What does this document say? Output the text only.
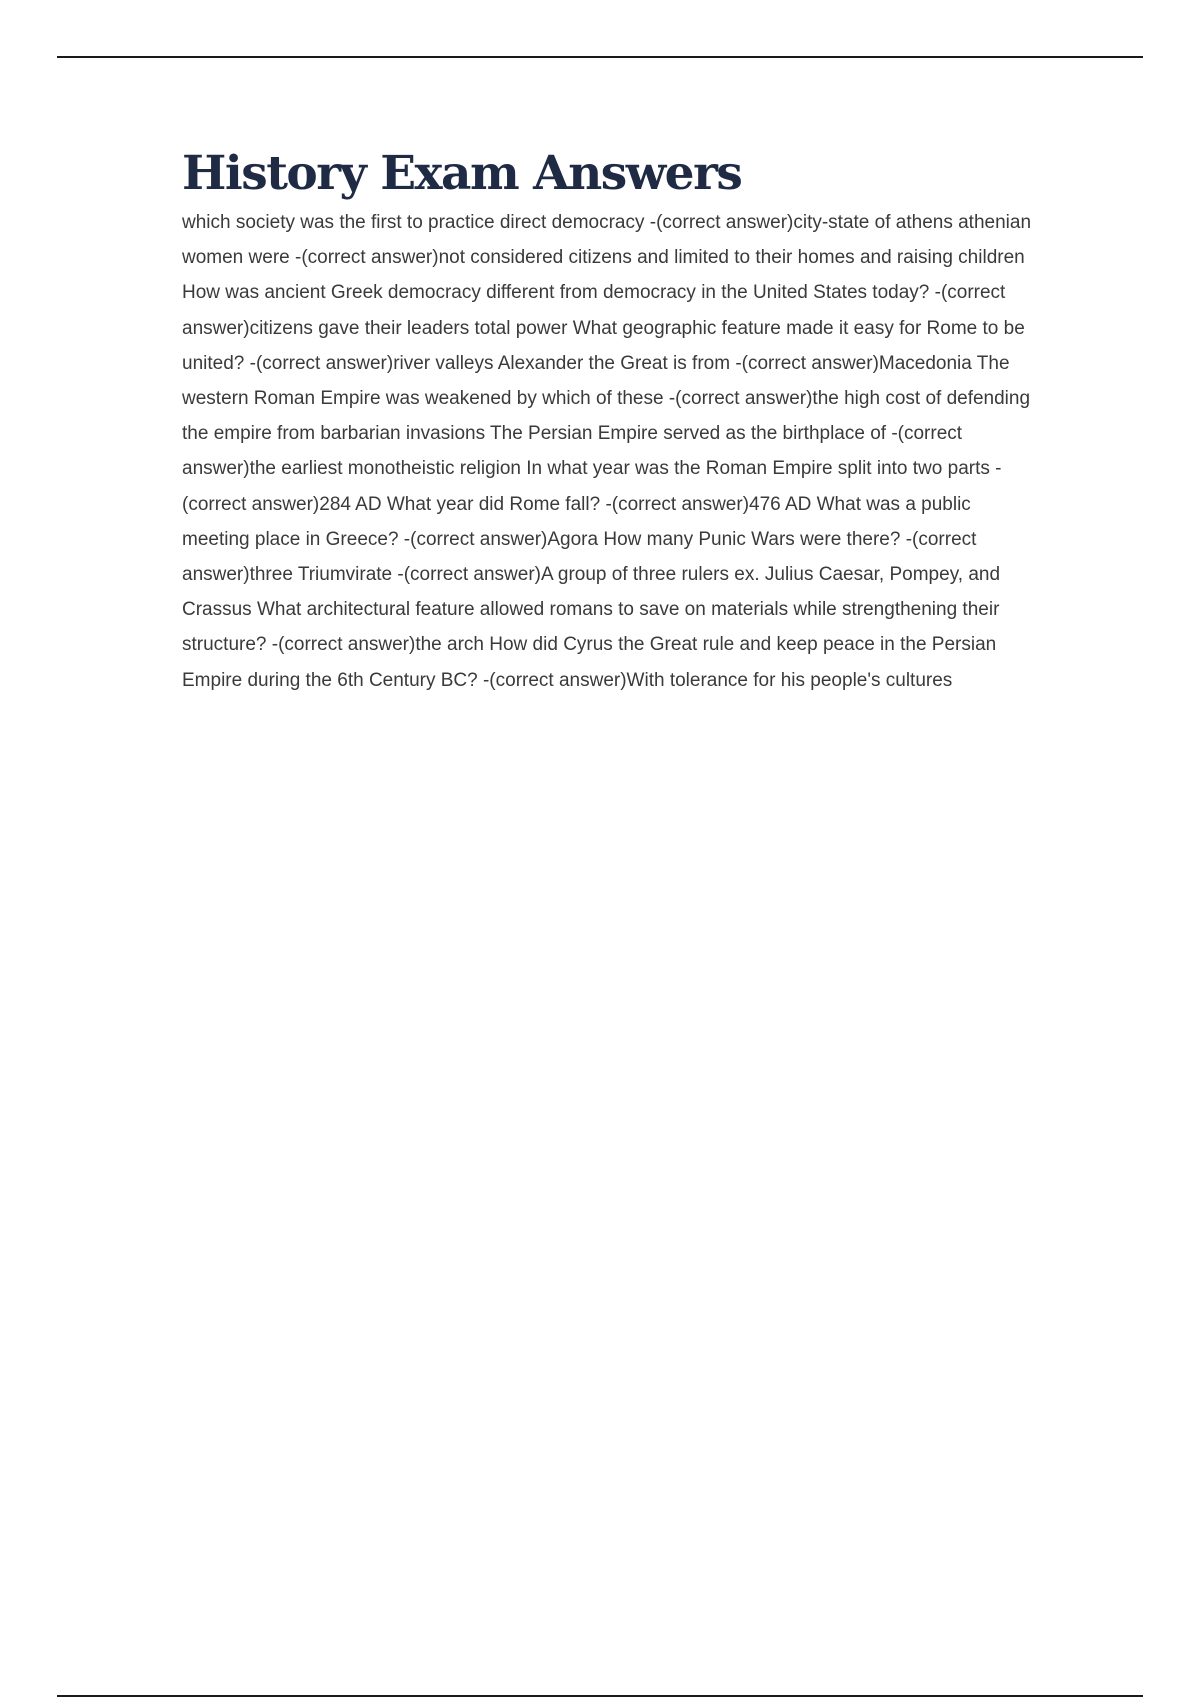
History Exam Answers

which society was the first to practice direct democracy -(correct answer)city-state of athens athenian women were -(correct answer)not considered citizens and limited to their homes and raising children How was ancient Greek democracy different from democracy in the United States today? -(correct answer)citizens gave their leaders total power What geographic feature made it easy for Rome to be united? -(correct answer)river valleys Alexander the Great is from -(correct answer)Macedonia The western Roman Empire was weakened by which of these -(correct answer)the high cost of defending the empire from barbarian invasions The Persian Empire served as the birthplace of -(correct answer)the earliest monotheistic religion In what year was the Roman Empire split into two parts -(correct answer)284 AD What year did Rome fall? -(correct answer)476 AD What was a public meeting place in Greece? -(correct answer)Agora How many Punic Wars were there? -(correct answer)three Triumvirate -(correct answer)A group of three rulers ex. Julius Caesar, Pompey, and Crassus What architectural feature allowed romans to save on materials while strengthening their structure? -(correct answer)the arch How did Cyrus the Great rule and keep peace in the Persian Empire during the 6th Century BC? -(correct answer)With tolerance for his people's cultures
